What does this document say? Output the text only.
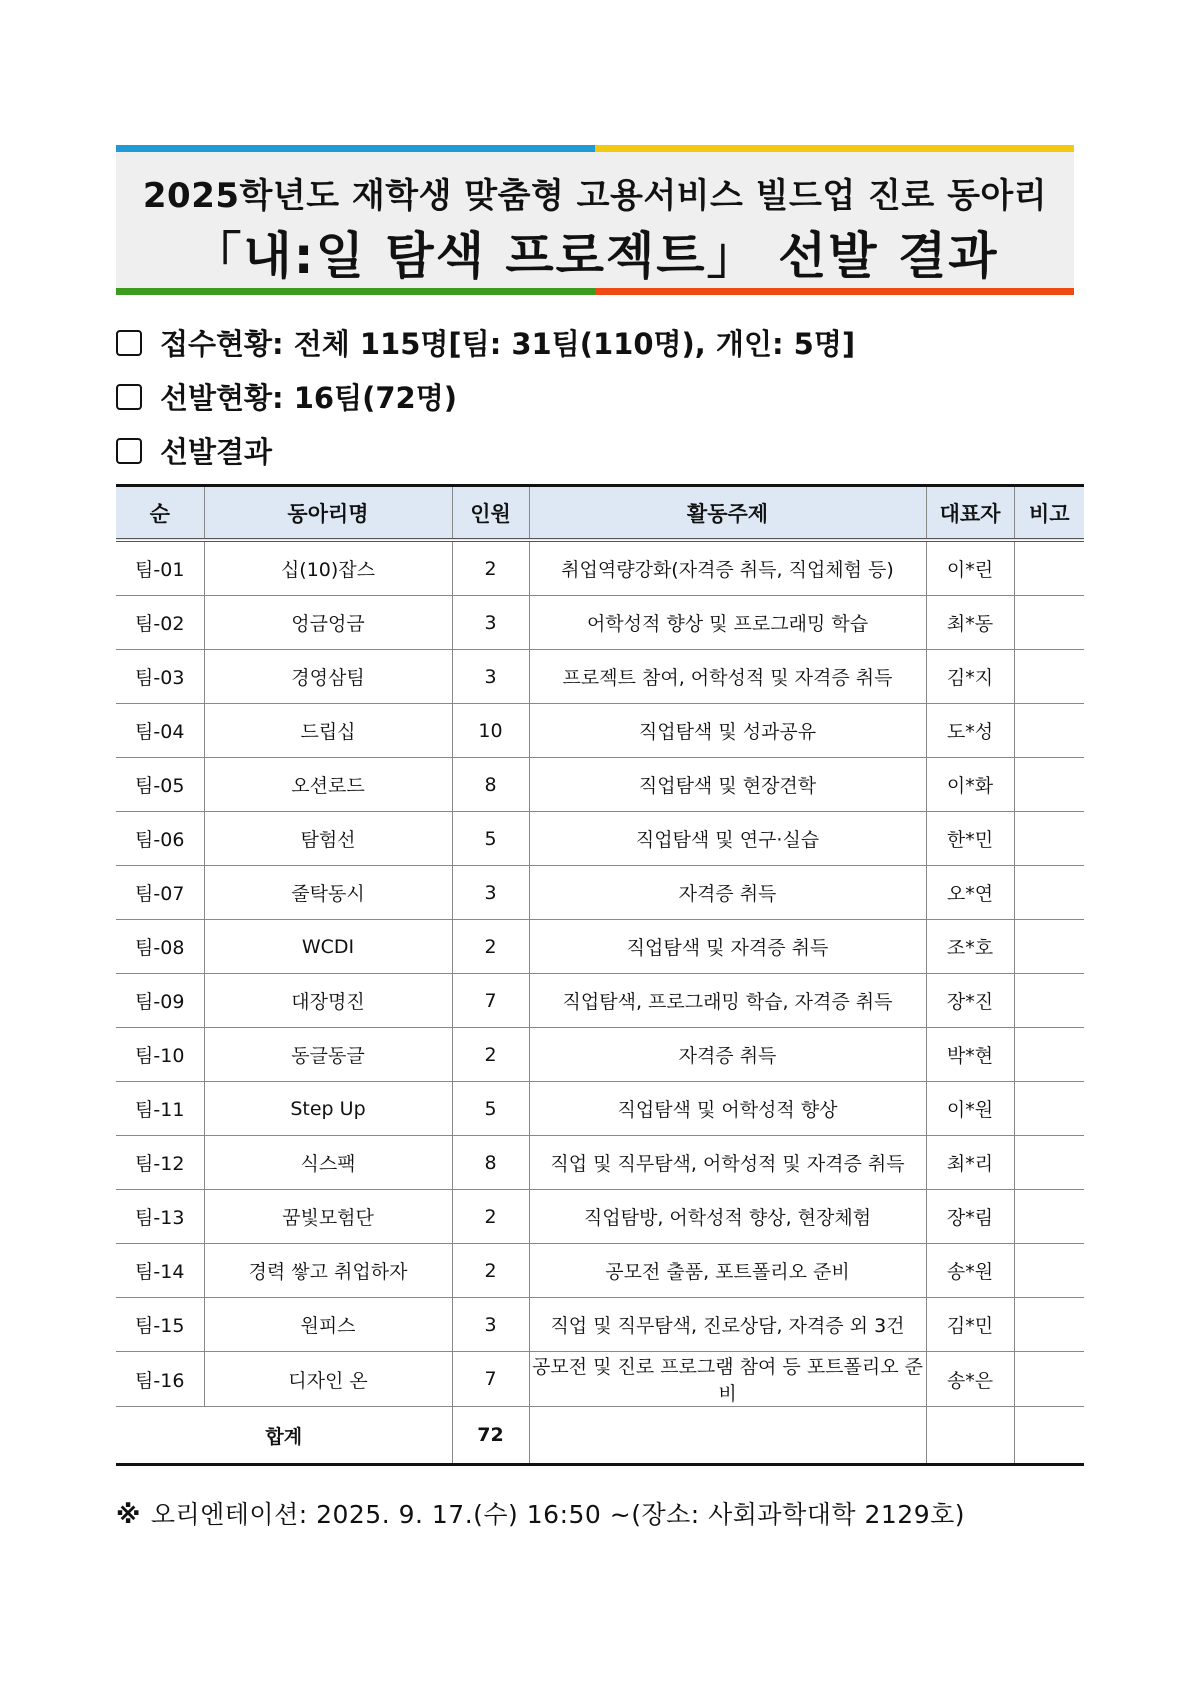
2025학년도 재학생 맞춤형 고용서비스 빌드업 진로 동아리
「내:일 탐색 프로젝트」 선발 결과
접수현황: 전체 115명[팀: 31팀(110명), 개인: 5명]
선발현황: 16팀(72명)
선발결과
순	동아리명	인원	활동주제	대표자	비고
팀-01	십(10)잡스	2	취업역량강화(자격증 취득, 직업체험 등)	이*린	
팀-02	엉금엉금	3	어학성적 향상 및 프로그래밍 학습	최*동	
팀-03	경영삼팀	3	프로젝트 참여, 어학성적 및 자격증 취득	김*지	
팀-04	드립십	10	직업탐색 및 성과공유	도*성	
팀-05	오션로드	8	직업탐색 및 현장견학	이*화	
팀-06	탐험선	5	직업탐색 및 연구·실습	한*민	
팀-07	줄탁동시	3	자격증 취득	오*연	
팀-08	WCDI	2	직업탐색 및 자격증 취득	조*호	
팀-09	대장명진	7	직업탐색, 프로그래밍 학습, 자격증 취득	장*진	
팀-10	동글동글	2	자격증 취득	박*현	
팀-11	Step Up	5	직업탐색 및 어학성적 향상	이*원	
팀-12	식스팩	8	직업 및 직무탐색, 어학성적 및 자격증 취득	최*리	
팀-13	꿈빛모험단	2	직업탐방, 어학성적 향상, 현장체험	장*림	
팀-14	경력 쌓고 취업하자	2	공모전 출품, 포트폴리오 준비	송*원	
팀-15	원피스	3	직업 및 직무탐색, 진로상담, 자격증 외 3건	김*민	
팀-16	디자인 온	7	공모전 및 진로 프로그램 참여 등 포트폴리오 준비	송*은	
합계		72			
※ 오리엔테이션: 2025. 9. 17.(수) 16:50 ~(장소: 사회과학대학 2129호)
